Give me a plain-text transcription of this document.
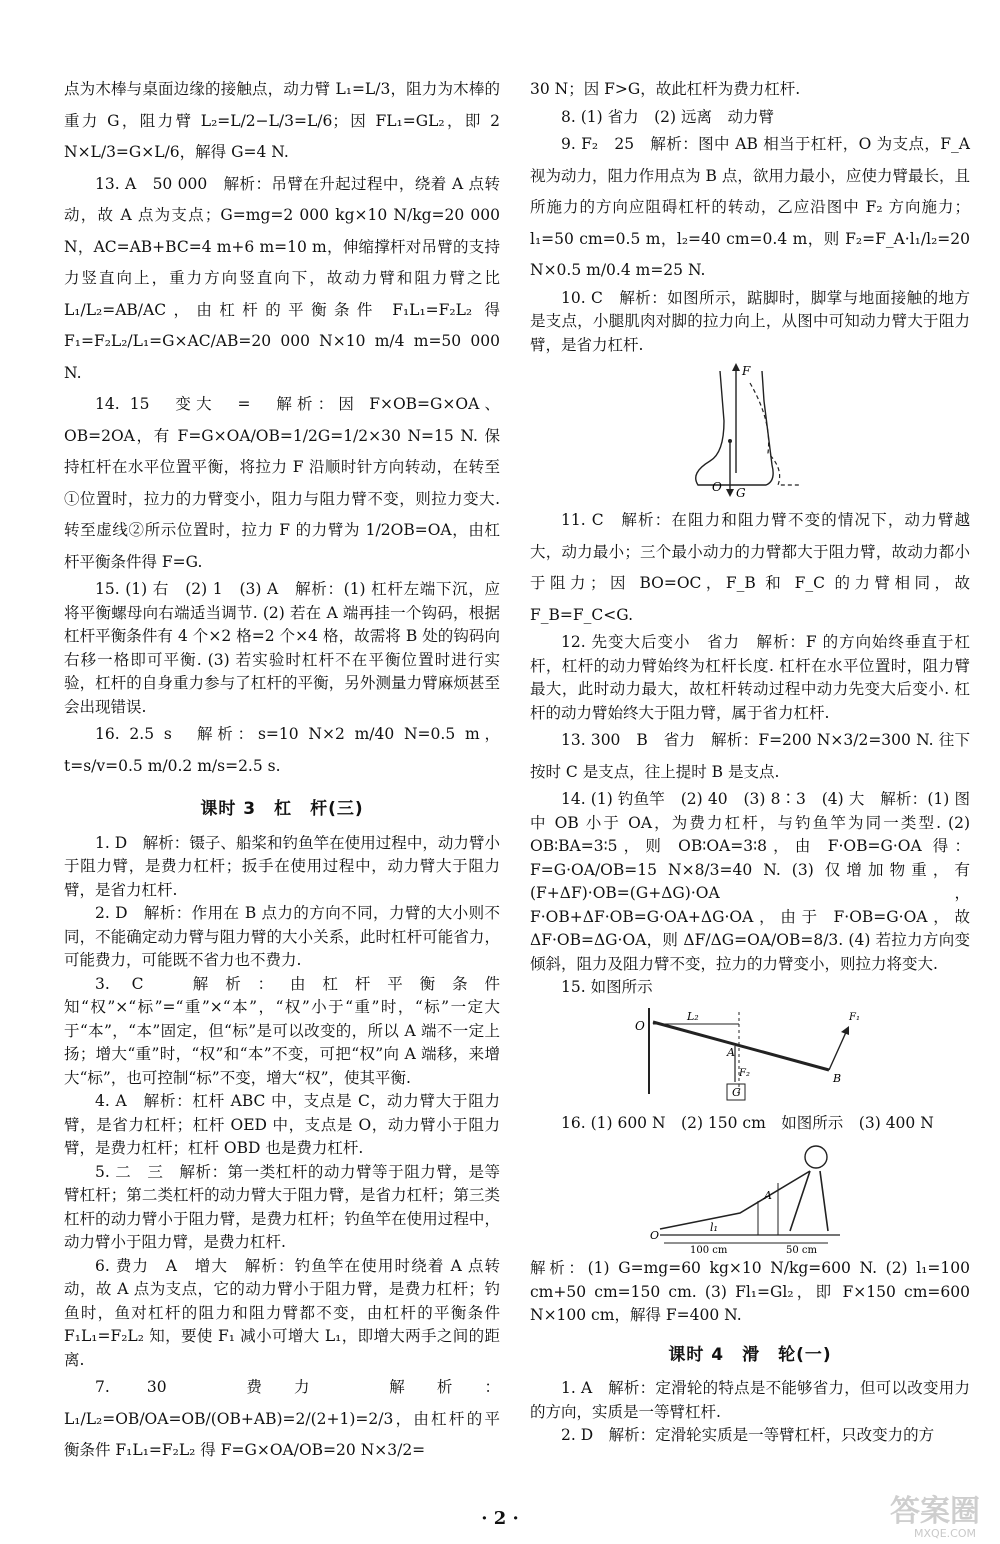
点为木棒与桌面边缘的接触点，动力臂 L₁=L/3，阻力为木棒的重力 G，阻力臂 L₂=L/2−L/3=L/6；因 FL₁=GL₂，即 2 N×L/3=G×L/6，解得 G=4 N.

13. A　50 000　解析：吊臂在升起过程中，绕着 A 点转动，故 A 点为支点；G=mg=2 000 kg×10 N/kg=20 000 N，AC=AB+BC=4 m+6 m=10 m，伸缩撑杆对吊臂的支持力竖直向上，重力方向竖直向下，故动力臂和阻力臂之比 L₁/L₂=AB/AC，由杠杆的平衡条件 F₁L₁=F₂L₂ 得 F₁=F₂L₂/L₁=G×AC/AB=20 000 N×10 m/4 m=50 000 N.

14. 15　变大　=　解析：因 F×OB=G×OA、OB=2OA，有 F=G×OA/OB=1/2G=1/2×30 N=15 N. 保持杠杆在水平位置平衡，将拉力 F 沿顺时针方向转动，在转至①位置时，拉力的力臂变小，阻力与阻力臂不变，则拉力变大. 转至虚线②所示位置时，拉力 F 的力臂为 1/2OB=OA，由杠杆平衡条件得 F=G.

15. (1) 右　(2) 1　(3) A　解析：(1) 杠杆左端下沉，应将平衡螺母向右端适当调节. (2) 若在 A 端再挂一个钩码，根据杠杆平衡条件有 4 个×2 格=2 个×4 格，故需将 B 处的钩码向右移一格即可平衡. (3) 若实验时杠杆不在平衡位置时进行实验，杠杆的自身重力参与了杠杆的平衡，另外测量力臂麻烦甚至会出现错误.

16. 2.5 s　解析：s=10 N×2 m/40 N=0.5 m，t=s/v=0.5 m/0.2 m/s=2.5 s.

课时 3　杠　杆(三)

1. D　解析：镊子、船桨和钓鱼竿在使用过程中，动力臂小于阻力臂，是费力杠杆；扳手在使用过程中，动力臂大于阻力臂，是省力杠杆.

2. D　解析：作用在 B 点力的方向不同，力臂的大小则不同，不能确定动力臂与阻力臂的大小关系，此时杠杆可能省力，可能费力，可能既不省力也不费力.

3. C　解析：由杠杆平衡条件知“权”×“标”=“重”×“本”，“权”小于“重”时，“标”一定大于“本”，“本”固定，但“标”是可以改变的，所以 A 端不一定上扬；增大“重”时，“权”和“本”不变，可把“权”向 A 端移，来增大“标”，也可控制“标”不变，增大“权”，使其平衡.

4. A　解析：杠杆 ABC 中，支点是 C，动力臂大于阻力臂，是省力杠杆；杠杆 OED 中，支点是 O，动力臂小于阻力臂，是费力杠杆；杠杆 OBD 也是费力杠杆.

5. 二　三　解析：第一类杠杆的动力臂等于阻力臂，是等臂杠杆；第二类杠杆的动力臂大于阻力臂，是省力杠杆；第三类杠杆的动力臂小于阻力臂，是费力杠杆；钓鱼竿在使用过程中，动力臂小于阻力臂，是费力杠杆.

6. 费力　A　增大　解析：钓鱼竿在使用时绕着 A 点转动，故 A 点为支点，它的动力臂小于阻力臂，是费力杠杆；钓鱼时，鱼对杠杆的阻力和阻力臂都不变，由杠杆的平衡条件 F₁L₁=F₂L₂ 知，要使 F₁ 减小可增大 L₁，即增大两手之间的距离.

7. 30　费力　解析：L₁/L₂=OB/OA=OB/(OB+AB)=2/(2+1)=2/3，由杠杆的平衡条件 F₁L₁=F₂L₂ 得 F=G×OA/OB=20 N×3/2=

30 N；因 F>G，故此杠杆为费力杠杆.

8. (1) 省力　(2) 远离　动力臂

9. F₂　25　解析：图中 AB 相当于杠杆，O 为支点，F_A 视为动力，阻力作用点为 B 点，欲用力最小，应使力臂最长，且所施力的方向应阻碍杠杆的转动，乙应沿图中 F₂ 方向施力；l₁=50 cm=0.5 m，l₂=40 cm=0.4 m，则 F₂=F_A·l₁/l₂=20 N×0.5 m/0.4 m=25 N.

10. C　解析：如图所示，踮脚时，脚掌与地面接触的地方是支点，小腿肌肉对脚的拉力向上，从图中可知动力臂大于阻力臂，是省力杠杆.

F
G
O

11. C　解析：在阻力和阻力臂不变的情况下，动力臂越大，动力最小；三个最小动力的力臂都大于阻力臂，故动力都小于阻力；因 BO=OC，F_B 和 F_C 的力臂相同，故 F_B=F_C<G.

12. 先变大后变小　省力　解析：F 的方向始终垂直于杠杆，杠杆的动力臂始终为杠杆长度. 杠杆在水平位置时，阻力臂最大，此时动力最大，故杠杆转动过程中动力先变大后变小. 杠杆的动力臂始终大于阻力臂，属于省力杠杆.

13. 300　B　省力　解析：F=200 N×3/2=300 N. 往下按时 C 是支点，往上提时 B 是支点.

14. (1) 钓鱼竿　(2) 40　(3) 8∶3　(4) 大　解析：(1) 图中 OB 小于 OA，为费力杠杆，与钓鱼竿为同一类型. (2) OB∶BA=3∶5，则 OB∶OA=3∶8，由 F·OB=G·OA 得：F=G·OA/OB=15 N×8/3=40 N. (3) 仅增加物重，有(F+ΔF)·OB=(G+ΔG)·OA，F·OB+ΔF·OB=G·OA+ΔG·OA，由于 F·OB=G·OA，故 ΔF·OB=ΔG·OA，则 ΔF/ΔG=OA/OB=8/3. (4) 若拉力方向变倾斜，阻力及阻力臂不变，拉力的力臂变小，则拉力将变大.

15. 如图所示

L₂	F₁
F₂
O
A
B
G

16. (1) 600 N　(2) 150 cm　如图所示　(3) 400 N

A
O
l₁
100 cm	50 cm

解析：(1) G=mg=60 kg×10 N/kg=600 N. (2) l₁=100 cm+50 cm=150 cm. (3) Fl₁=Gl₂，即 F×150 cm=600 N×100 cm，解得 F=400 N.

课时 4　滑　轮(一)

1. A　解析：定滑轮的特点是不能够省力，但可以改变用力的方向，实质是一等臂杠杆.

2. D　解析：定滑轮实质是一等臂杠杆，只改变力的方

· 2 ·	答案圈
MXQE.COM
